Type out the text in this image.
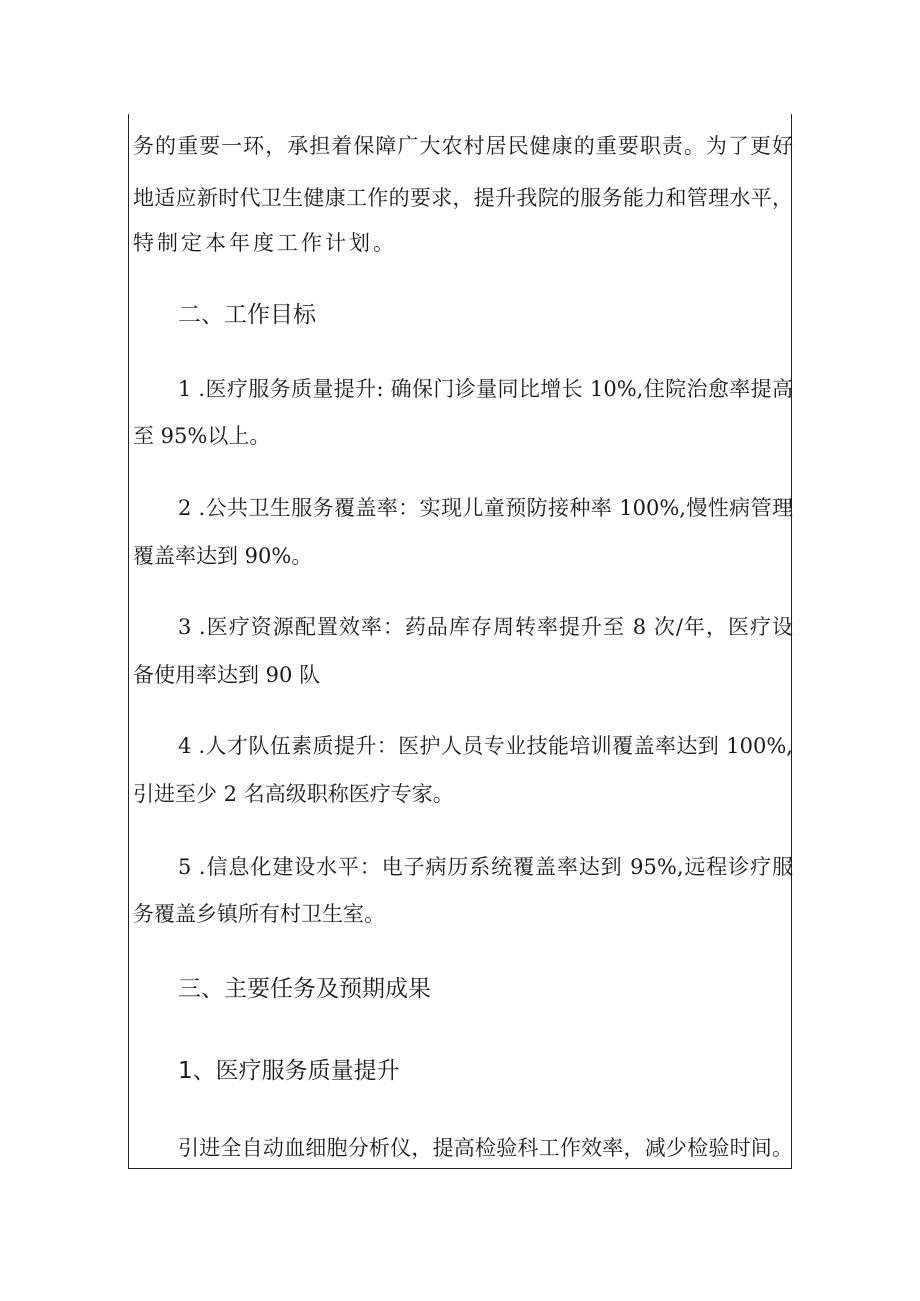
务的重要一环，承担着保障广大农村居民健康的重要职责。为了更好
地适应新时代卫生健康工作的要求，提升我院的服务能力和管理水平，
特制定本年度工作计划。
二、工作目标
1 .医疗服务质量提升: 确保门诊量同比增长 10%,住院治愈率提高
至 95%以上。
2 .公共卫生服务覆盖率：实现儿童预防接种率 100%,慢性病管理
覆盖率达到 90%。
3 .医疗资源配置效率：药品库存周转率提升至 8 次/年，医疗设
备使用率达到 90 队
4 .人才队伍素质提升：医护人员专业技能培训覆盖率达到 100%,
引进至少 2 名高级职称医疗专家。
5 .信息化建设水平：电子病历系统覆盖率达到 95%,远程诊疗服
务覆盖乡镇所有村卫生室。
三、主要任务及预期成果
1、医疗服务质量提升
引进全自动血细胞分析仪，提高检验科工作效率，减少检验时间。
